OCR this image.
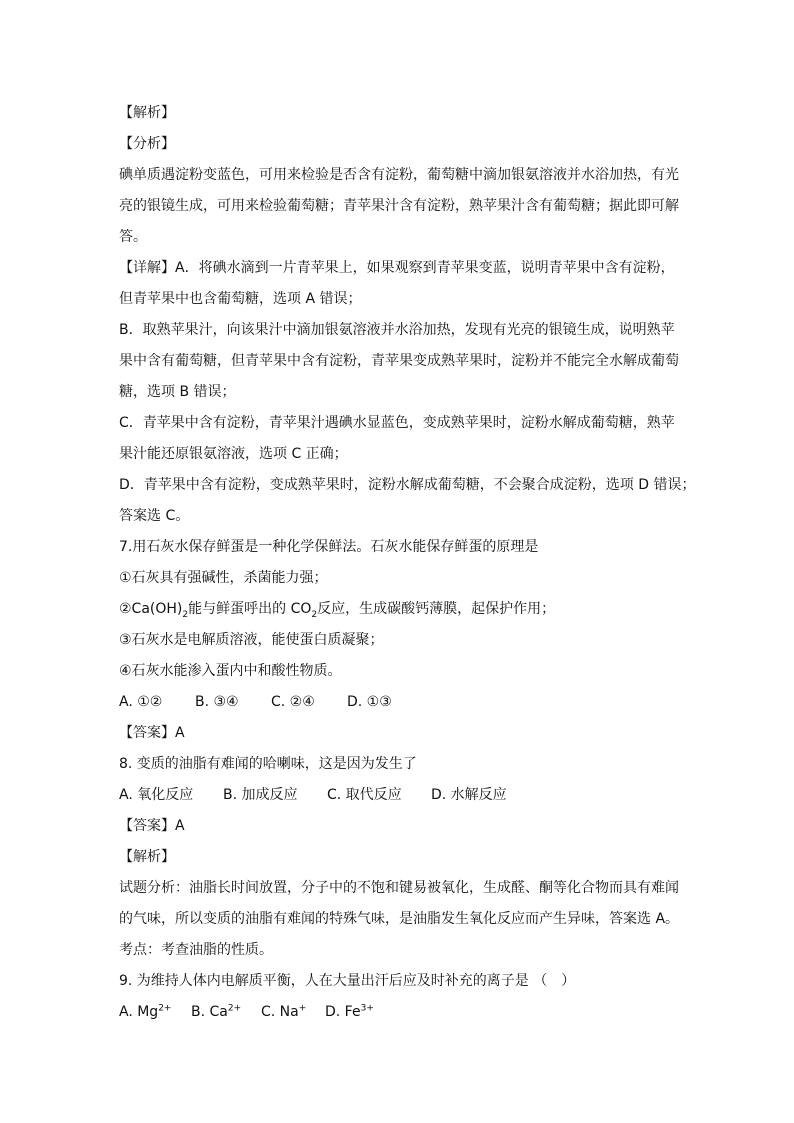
【解析】
【分析】
碘单质遇淀粉变蓝色，可用来检验是否含有淀粉，葡萄糖中滴加银氨溶液并水浴加热，有光
亮的银镜生成，可用来检验葡萄糖；青苹果汁含有淀粉，熟苹果汁含有葡萄糖；据此即可解
答。
【详解】A．将碘水滴到一片青苹果上，如果观察到青苹果变蓝，说明青苹果中含有淀粉，
但青苹果中也含葡萄糖，选项 A 错误；
B．取熟苹果汁，向该果汁中滴加银氨溶液并水浴加热，发现有光亮的银镜生成，说明熟苹
果中含有葡萄糖，但青苹果中含有淀粉，青苹果变成熟苹果时，淀粉并不能完全水解成葡萄
糖，选项 B 错误；
C．青苹果中含有淀粉，青苹果汁遇碘水显蓝色，变成熟苹果时，淀粉水解成葡萄糖，熟苹
果汁能还原银氨溶液，选项 C 正确；
D．青苹果中含有淀粉，变成熟苹果时，淀粉水解成葡萄糖，不会聚合成淀粉，选项 D 错误；
答案选 C。
7.用石灰水保存鲜蛋是一种化学保鲜法。石灰水能保存鲜蛋的原理是
①石灰具有强碱性，杀菌能力强；
$②Ca(OH)_2$能与鲜蛋呼出的 $CO_2$反应，生成碳酸钙薄膜，起保护作用；
③石灰水是电解质溶液，能使蛋白质凝聚；
④石灰水能渗入蛋内中和酸性物质。
A. ①② B. ③④ C. ②④ D. ①③
【答案】A
8. 变质的油脂有难闻的哈喇味，这是因为发生了
A. 氧化反应 B. 加成反应 C. 取代反应 D. 水解反应
【答案】A
【解析】
试题分析：油脂长时间放置，分子中的不饱和键易被氧化，生成醛、酮等化合物而具有难闻
的气味，所以变质的油脂有难闻的特殊气味，是油脂发生氧化反应而产生异味，答案选 A。
考点：考查油脂的性质。
9. 为维持人体内电解质平衡，人在大量出汗后应及时补充的离子是 （　）
A. $Mg^{2+}$ B. $Ca^{2+}$ C. Na+ D. $Fe^{3+}$
